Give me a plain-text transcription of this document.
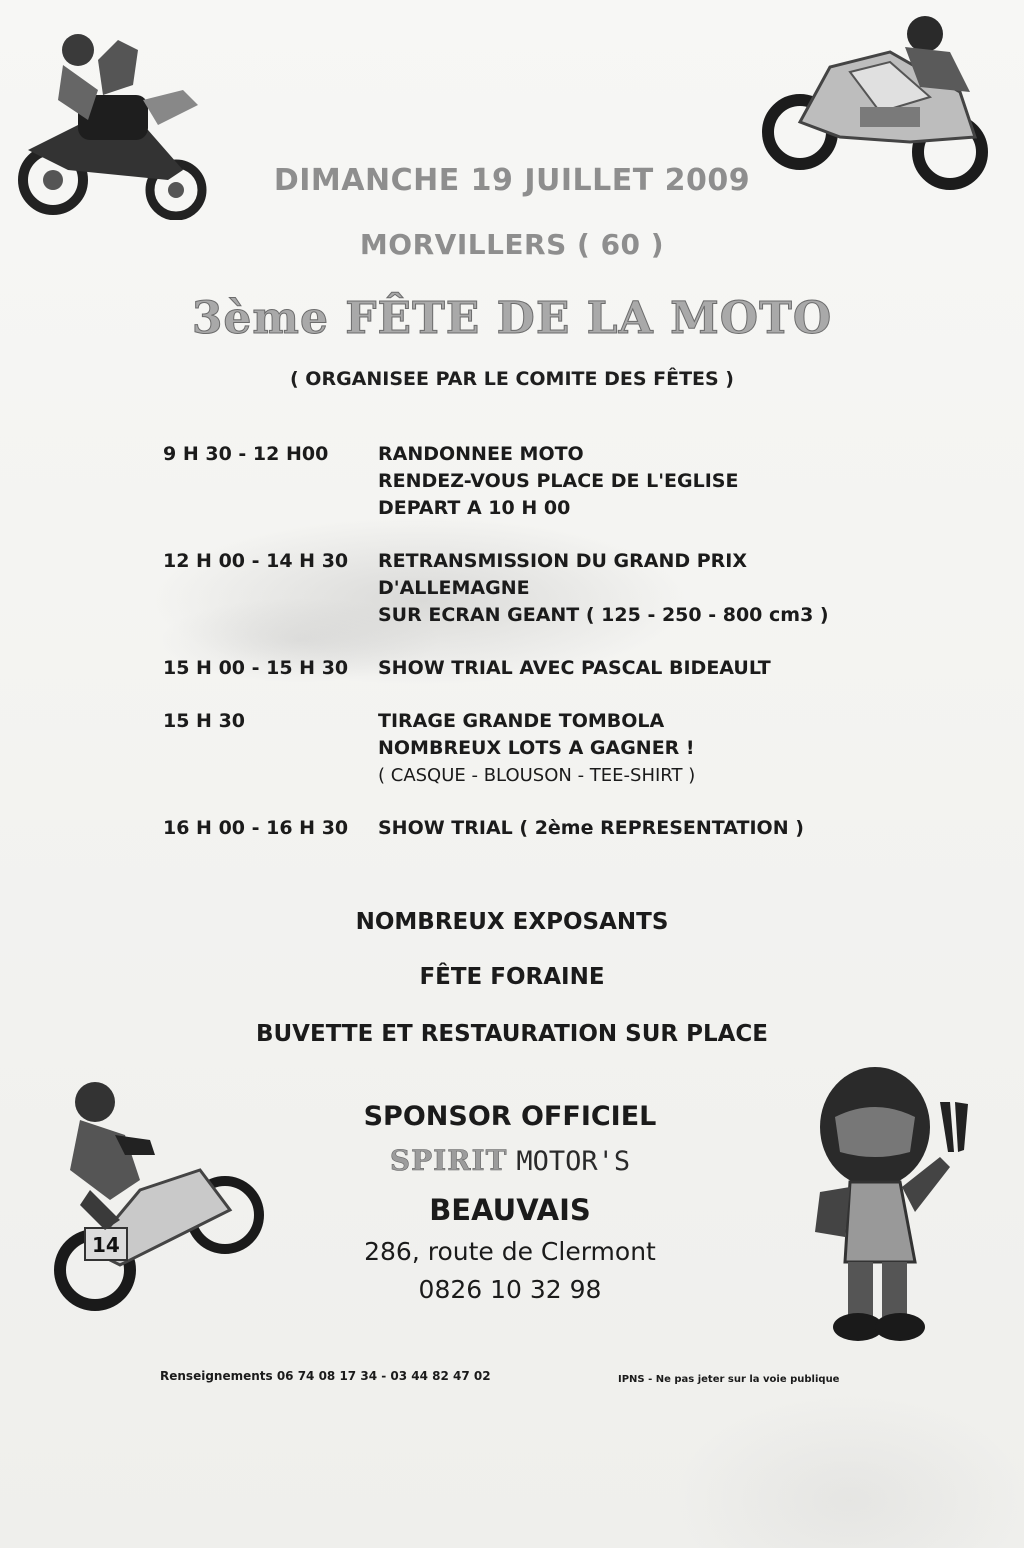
DIMANCHE 19 JUILLET 2009
MORVILLERS ( 60 )
3ème FÊTE DE LA MOTO
( ORGANISEE PAR LE COMITE DES FÊTES )
9 H 30 - 12 H00	RANDONNEE MOTO
RENDEZ-VOUS PLACE DE L'EGLISE
DEPART A 10 H 00
12 H 00 - 14 H 30	RETRANSMISSION DU GRAND PRIX
D'ALLEMAGNE
SUR ECRAN GEANT ( 125 - 250 - 800 cm3 )
15 H 00 - 15 H 30	SHOW TRIAL AVEC PASCAL BIDEAULT
15 H 30	TIRAGE GRANDE TOMBOLA
NOMBREUX LOTS A GAGNER !
( CASQUE - BLOUSON - TEE-SHIRT )
16 H 00 - 16 H 30	SHOW TRIAL ( 2ème REPRESENTATION )
NOMBREUX EXPOSANTS
FÊTE FORAINE
BUVETTE ET RESTAURATION SUR PLACE
14
SPONSOR OFFICIEL
SPIRIT MOTOR'S
BEAUVAIS
286, route de Clermont
0826 10 32 98
Renseignements 06 74 08 17 34 - 03 44 82 47 02	IPNS - Ne pas jeter sur la voie publique
